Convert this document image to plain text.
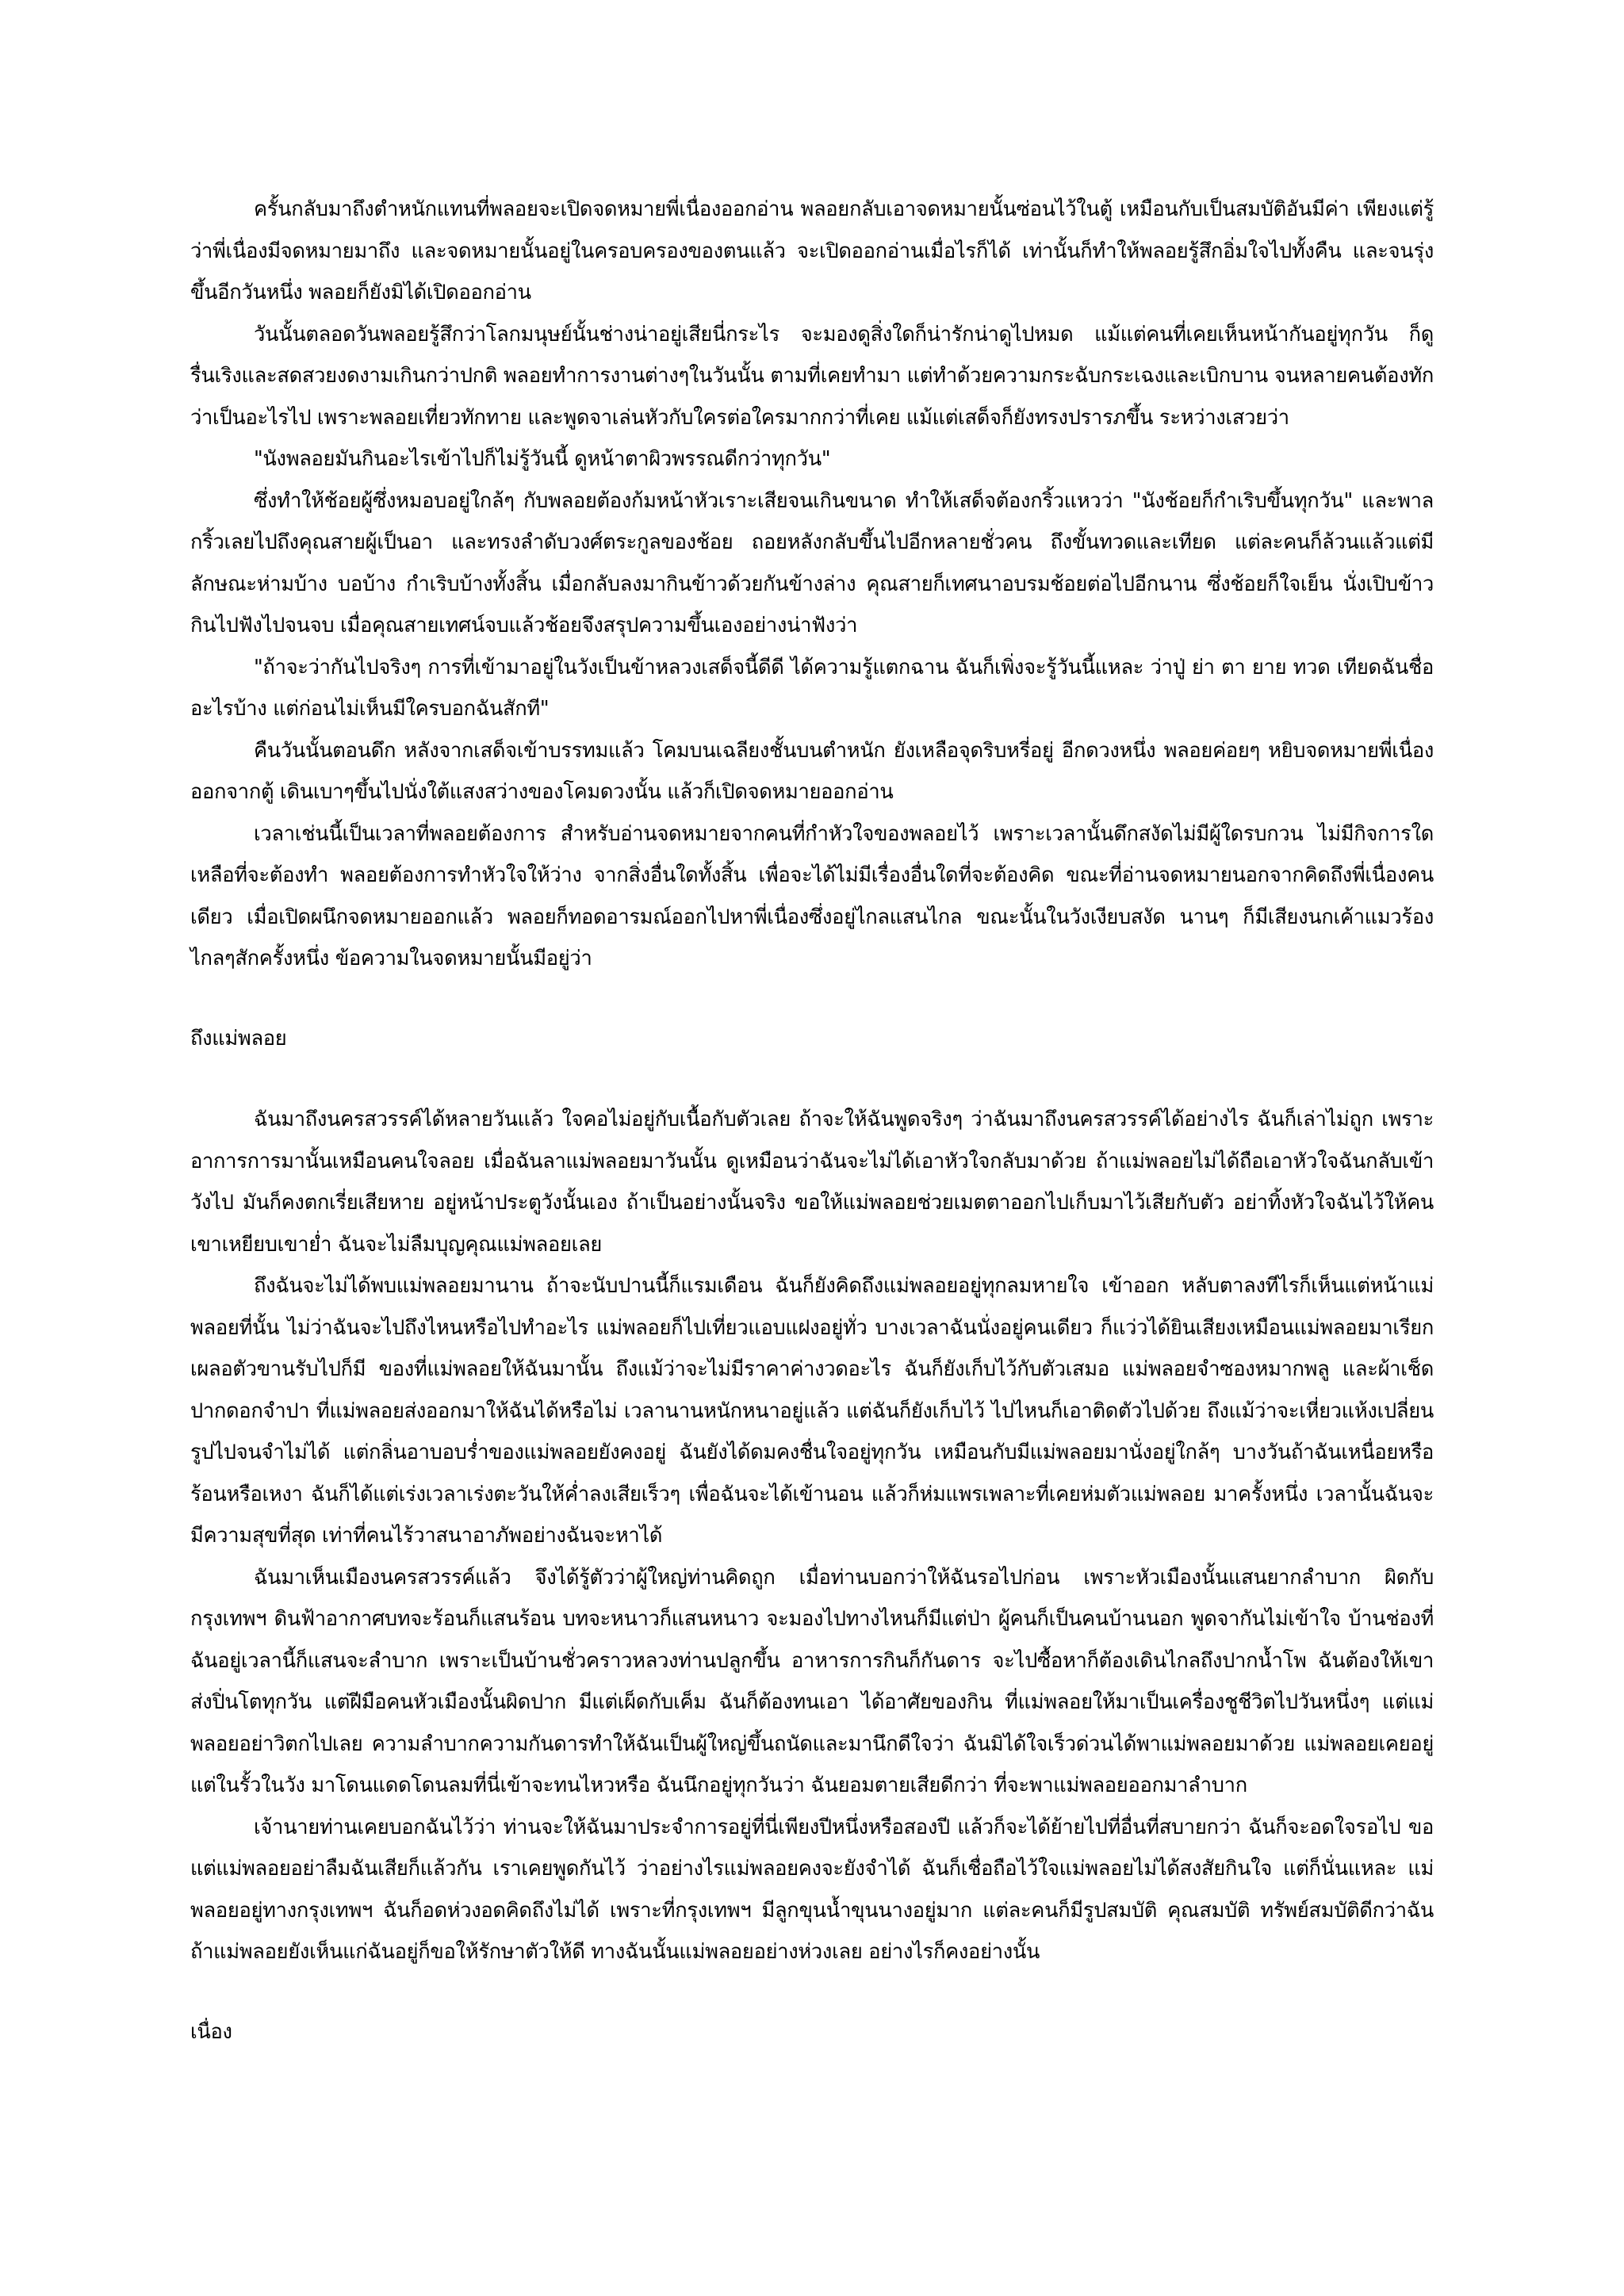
ครั้นกลับมาถึงตำหนักแทนที่พลอยจะเปิดจดหมายพี่เนื่องออกอ่าน พลอยกลับเอาจดหมายนั้นซ่อนไว้ในตู้ เหมือนกับเป็นสมบัติอันมีค่า เพียงแต่รู้ว่าพี่เนื่องมีจดหมายมาถึง และจดหมายนั้นอยู่ในครอบครองของตนแล้ว จะเปิดออกอ่านเมื่อไรก็ได้ เท่านั้นก็ทำให้พลอยรู้สึกอิ่มใจไปทั้งคืน และจนรุ่งขึ้นอีกวันหนึ่ง พลอยก็ยังมิได้เปิดออกอ่าน

วันนั้นตลอดวันพลอยรู้สึกว่าโลกมนุษย์นั้นช่างน่าอยู่เสียนี่กระไร จะมองดูสิ่งใดก็น่ารักน่าดูไปหมด แม้แต่คนที่เคยเห็นหน้ากันอยู่ทุกวัน ก็ดูรื่นเริงและสดสวยงดงามเกินกว่าปกติ พลอยทำการงานต่างๆในวันนั้น ตามที่เคยทำมา แต่ทำด้วยความกระฉับกระเฉงและเบิกบาน จนหลายคนต้องทักว่าเป็นอะไรไป เพราะพลอยเที่ยวทักทาย และพูดจาเล่นหัวกับใครต่อใครมากกว่าที่เคย แม้แต่เสด็จก็ยังทรงปรารภขึ้น ระหว่างเสวยว่า

"นังพลอยมันกินอะไรเข้าไปก็ไม่รู้วันนี้ ดูหน้าตาผิวพรรณดีกว่าทุกวัน"

ซึ่งทำให้ช้อยผู้ซึ่งหมอบอยู่ใกล้ๆ กับพลอยต้องก้มหน้าหัวเราะเสียจนเกินขนาด ทำให้เสด็จต้องกริ้วแหวว่า "นังช้อยก็กำเริบขึ้นทุกวัน" และพาลกริ้วเลยไปถึงคุณสายผู้เป็นอา และทรงลำดับวงศ์ตระกูลของช้อย ถอยหลังกลับขึ้นไปอีกหลายชั่วคน ถึงขั้นทวดและเทียด แต่ละคนก็ล้วนแล้วแต่มีลักษณะห่ามบ้าง บอบ้าง กำเริบบ้างทั้งสิ้น เมื่อกลับลงมากินข้าวด้วยกันข้างล่าง คุณสายก็เทศนาอบรมช้อยต่อไปอีกนาน ซึ่งช้อยก็ใจเย็น นั่งเปิบข้าวกินไปฟังไปจนจบ เมื่อคุณสายเทศน์จบแล้วช้อยจึงสรุปความขึ้นเองอย่างน่าฟังว่า

"ถ้าจะว่ากันไปจริงๆ การที่เข้ามาอยู่ในวังเป็นข้าหลวงเสด็จนี้ดีดี ได้ความรู้แตกฉาน ฉันก็เพิ่งจะรู้วันนี้แหละ ว่าปู่ ย่า ตา ยาย ทวด เทียดฉันชื่ออะไรบ้าง แต่ก่อนไม่เห็นมีใครบอกฉันสักที"

คืนวันนั้นตอนดึก หลังจากเสด็จเข้าบรรทมแล้ว โคมบนเฉลียงชั้นบนตำหนัก ยังเหลือจุดริบหรี่อยู่ อีกดวงหนึ่ง พลอยค่อยๆ หยิบจดหมายพี่เนื่องออกจากตู้ เดินเบาๆขึ้นไปนั่งใต้แสงสว่างของโคมดวงนั้น แล้วก็เปิดจดหมายออกอ่าน

เวลาเช่นนี้เป็นเวลาที่พลอยต้องการ สำหรับอ่านจดหมายจากคนที่กำหัวใจของพลอยไว้ เพราะเวลานั้นดึกสงัดไม่มีผู้ใดรบกวน ไม่มีกิจการใดเหลือที่จะต้องทำ พลอยต้องการทำหัวใจให้ว่าง จากสิ่งอื่นใดทั้งสิ้น เพื่อจะได้ไม่มีเรื่องอื่นใดที่จะต้องคิด ขณะที่อ่านจดหมายนอกจากคิดถึงพี่เนื่องคนเดียว เมื่อเปิดผนึกจดหมายออกแล้ว พลอยก็ทอดอารมณ์ออกไปหาพี่เนื่องซึ่งอยู่ไกลแสนไกล ขณะนั้นในวังเงียบสงัด นานๆ ก็มีเสียงนกเค้าแมวร้องไกลๆสักครั้งหนึ่ง ข้อความในจดหมายนั้นมีอยู่ว่า

ถึงแม่พลอย

ฉันมาถึงนครสวรรค์ได้หลายวันแล้ว ใจคอไม่อยู่กับเนื้อกับตัวเลย ถ้าจะให้ฉันพูดจริงๆ ว่าฉันมาถึงนครสวรรค์ได้อย่างไร ฉันก็เล่าไม่ถูก เพราะอาการการมานั้นเหมือนคนใจลอย เมื่อฉันลาแม่พลอยมาวันนั้น ดูเหมือนว่าฉันจะไม่ได้เอาหัวใจกลับมาด้วย ถ้าแม่พลอยไม่ได้ถือเอาหัวใจฉันกลับเข้าวังไป มันก็คงตกเรี่ยเสียหาย อยู่หน้าประตูวังนั้นเอง ถ้าเป็นอย่างนั้นจริง ขอให้แม่พลอยช่วยเมตตาออกไปเก็บมาไว้เสียกับตัว อย่าทิ้งหัวใจฉันไว้ให้คนเขาเหยียบเขาย่ำ ฉันจะไม่ลืมบุญคุณแม่พลอยเลย

ถึงฉันจะไม่ได้พบแม่พลอยมานาน ถ้าจะนับปานนี้ก็แรมเดือน ฉันก็ยังคิดถึงแม่พลอยอยู่ทุกลมหายใจ เข้าออก หลับตาลงทีไรก็เห็นแต่หน้าแม่พลอยที่นั้น ไม่ว่าฉันจะไปถึงไหนหรือไปทำอะไร แม่พลอยก็ไปเที่ยวแอบแฝงอยู่ทั่ว บางเวลาฉันนั่งอยู่คนเดียว ก็แว่วได้ยินเสียงเหมือนแม่พลอยมาเรียก เผลอตัวขานรับไปก็มี ของที่แม่พลอยให้ฉันมานั้น ถึงแม้ว่าจะไม่มีราคาค่างวดอะไร ฉันก็ยังเก็บไว้กับตัวเสมอ แม่พลอยจำซองหมากพลู และผ้าเช็ดปากดอกจำปา ที่แม่พลอยส่งออกมาให้ฉันได้หรือไม่ เวลานานหนักหนาอยู่แล้ว แต่ฉันก็ยังเก็บไว้ ไปไหนก็เอาติดตัวไปด้วย ถึงแม้ว่าจะเหี่ยวแห้งเปลี่ยนรูปไปจนจำไม่ได้ แต่กลิ่นอาบอบร่ำของแม่พลอยยังคงอยู่ ฉันยังได้ดมคงชื่นใจอยู่ทุกวัน เหมือนกับมีแม่พลอยมานั่งอยู่ใกล้ๆ บางวันถ้าฉันเหนื่อยหรือร้อนหรือเหงา ฉันก็ได้แต่เร่งเวลาเร่งตะวันให้ค่ำลงเสียเร็วๆ เพื่อฉันจะได้เข้านอน แล้วก็ห่มแพรเพลาะที่เคยห่มตัวแม่พลอย มาครั้งหนึ่ง เวลานั้นฉันจะมีความสุขที่สุด เท่าที่คนไร้วาสนาอาภัพอย่างฉันจะหาได้

ฉันมาเห็นเมืองนครสวรรค์แล้ว จึงได้รู้ตัวว่าผู้ใหญ่ท่านคิดถูก เมื่อท่านบอกว่าให้ฉันรอไปก่อน เพราะหัวเมืองนั้นแสนยากลำบาก ผิดกับกรุงเทพฯ ดินฟ้าอากาศบทจะร้อนก็แสนร้อน บทจะหนาวก็แสนหนาว จะมองไปทางไหนก็มีแต่ป่า ผู้คนก็เป็นคนบ้านนอก พูดจากันไม่เข้าใจ บ้านช่องที่ฉันอยู่เวลานี้ก็แสนจะลำบาก เพราะเป็นบ้านชั่วคราวหลวงท่านปลูกขึ้น อาหารการกินก็กันดาร จะไปซื้อหาก็ต้องเดินไกลถึงปากน้ำโพ ฉันต้องให้เขาส่งปิ่นโตทุกวัน แต่ฝีมือคนหัวเมืองนั้นผิดปาก มีแต่เผ็ดกับเค็ม ฉันก็ต้องทนเอา ได้อาศัยของกิน ที่แม่พลอยให้มาเป็นเครื่องชูชีวิตไปวันหนึ่งๆ แต่แม่พลอยอย่าวิตกไปเลย ความลำบากความกันดารทำให้ฉันเป็นผู้ใหญ่ขึ้นถนัดและมานึกดีใจว่า ฉันมิได้ใจเร็วด่วนได้พาแม่พลอยมาด้วย แม่พลอยเคยอยู่แต่ในรั้วในวัง มาโดนแดดโดนลมที่นี่เข้าจะทนไหวหรือ ฉันนึกอยู่ทุกวันว่า ฉันยอมตายเสียดีกว่า ที่จะพาแม่พลอยออกมาลำบาก

เจ้านายท่านเคยบอกฉันไว้ว่า ท่านจะให้ฉันมาประจำการอยู่ที่นี่เพียงปีหนึ่งหรือสองปี แล้วก็จะได้ย้ายไปที่อื่นที่สบายกว่า ฉันก็จะอดใจรอไป ขอแต่แม่พลอยอย่าลืมฉันเสียก็แล้วกัน เราเคยพูดกันไว้ ว่าอย่างไรแม่พลอยคงจะยังจำได้ ฉันก็เชื่อถือไว้ใจแม่พลอยไม่ได้สงสัยกินใจ แต่ก็นั่นแหละ แม่พลอยอยู่ทางกรุงเทพฯ ฉันก็อดห่วงอดคิดถึงไม่ได้ เพราะที่กรุงเทพฯ มีลูกขุนน้ำขุนนางอยู่มาก แต่ละคนก็มีรูปสมบัติ คุณสมบัติ ทรัพย์สมบัติดีกว่าฉัน ถ้าแม่พลอยยังเห็นแก่ฉันอยู่ก็ขอให้รักษาตัวให้ดี ทางฉันนั้นแม่พลอยอย่างห่วงเลย อย่างไรก็คงอย่างนั้น

เนื่อง
